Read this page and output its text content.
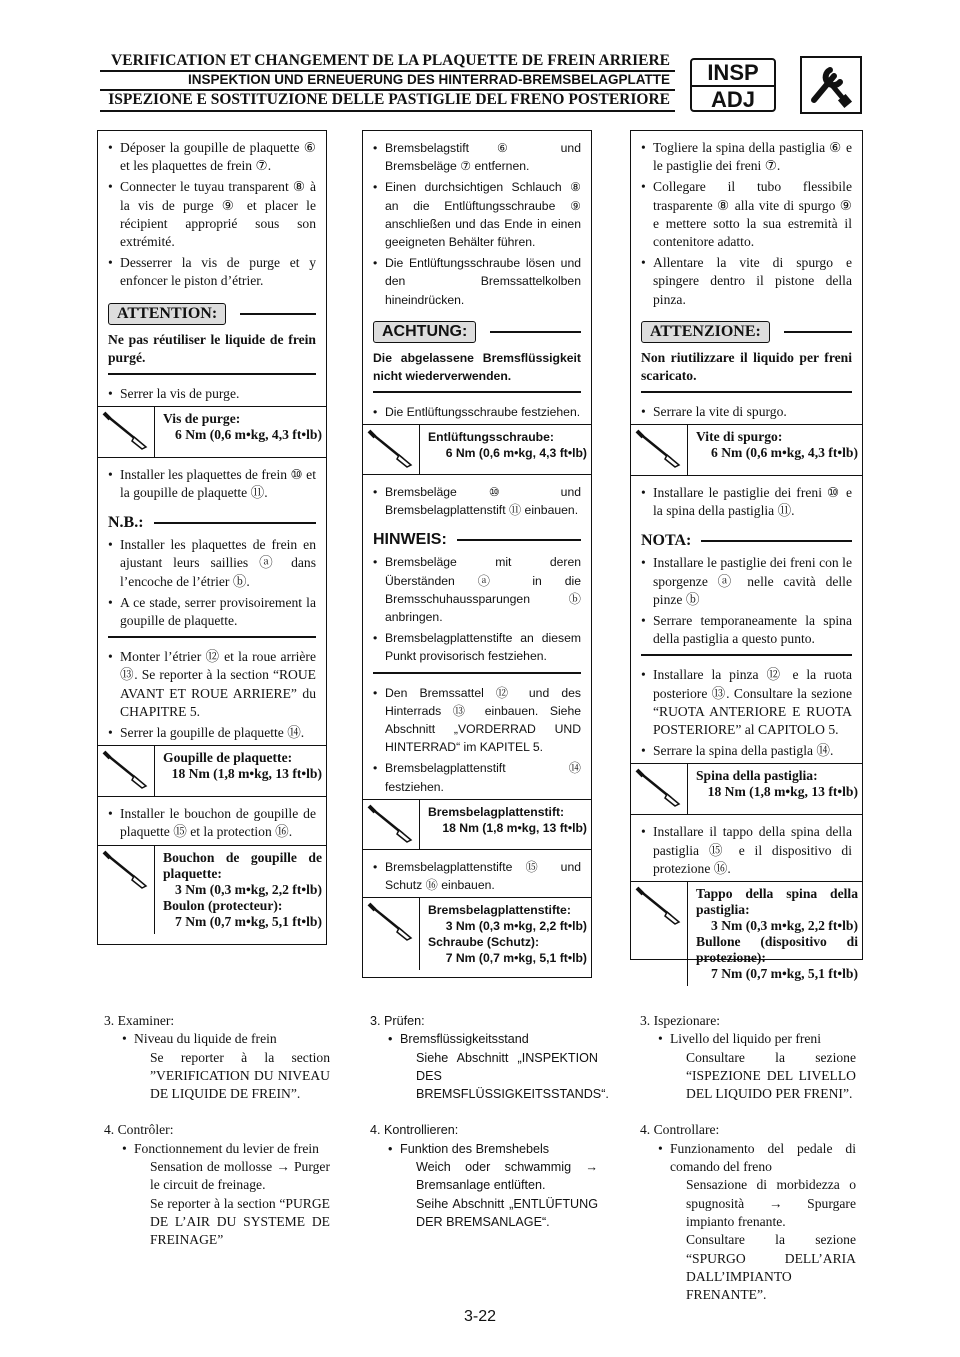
VERIFICATION ET CHANGEMENT DE LA PLAQUETTE DE FREIN ARRIERE
INSPEKTION UND ERNEUERUNG DES HINTERRAD-BREMSBELAGPLATTE
ISPEZIONE E SOSTITUZIONE DELLE PASTIGLIE DEL FRENO POSTERIORE
INSP
ADJ
• Déposer la goupille de plaquette ⑥ et les plaquettes de frein ⑦.
• Connecter le tuyau transparent ⑧ à la vis de purge ⑨ et placer le récipient approprié sous son extrémité.
• Desserrer la vis de purge et y enfoncer le piston d’étrier.
ATTENTION:
Ne pas réutiliser le liquide de frein purgé.
• Serrer la vis de purge.
Vis de purge:
6 Nm (0,6 m•kg, 4,3 ft•lb)
• Installer les plaquettes de frein ⑩ et la goupille de plaquette ⑪.
N.B.:
• Installer les plaquettes de frein en ajustant leurs saillies ⓐ dans l’encoche de l’étrier ⓑ.
• A ce stade, serrer provisoirement la goupille de plaquette.
• Monter l’étrier ⑫ et la roue arrière ⑬. Se reporter à la section “ROUE AVANT ET ROUE ARRIERE” du CHAPITRE 5.
• Serrer la goupille de plaquette ⑭.
Goupille de plaquette:
18 Nm (1,8 m•kg, 13 ft•lb)
• Installer le bouchon de goupille de plaquette ⑮ et la protection ⑯.
Bouchon de goupille de plaquette:
3 Nm (0,3 m•kg, 2,2 ft•lb)
Boulon (protecteur):
7 Nm (0,7 m•kg, 5,1 ft•lb)
• Bremsbelagstift ⑥ und Bremsbeläge ⑦ entfernen.
• Einen durchsichtigen Schlauch ⑧ an die Entlüftungsschraube ⑨ anschließen und das Ende in einen geeigneten Behälter führen.
• Die Entlüftungsschraube lösen und den Bremssattelkolben hineindrücken.
ACHTUNG:
Die abgelassene Bremsflüssigkeit nicht wiederverwenden.
• Die Entlüftungsschraube festziehen.
Entlüftungsschraube:
6 Nm (0,6 m•kg, 4,3 ft•lb)
• Bremsbeläge ⑩ und Bremsbelagplattenstift ⑪ einbauen.
HINWEIS:
• Bremsbeläge mit deren Überständen ⓐ in die Bremsschuhaussparungen ⓑ anbringen.
• Bremsbelagplattenstifte an diesem Punkt provisorisch festziehen.
• Den Bremssattel ⑫ und des Hinterrads ⑬ einbauen. Siehe Abschnitt „VORDERRAD UND HINTERRAD“ im KAPITEL 5.
• Bremsbelagplattenstift ⑭ festziehen.
Bremsbelagplattenstift:
18 Nm (1,8 m•kg, 13 ft•lb)
• Bremsbelagplattenstifte ⑮ und Schutz ⑯ einbauen.
Bremsbelagplattenstifte:
3 Nm (0,3 m•kg, 2,2 ft•lb)
Schraube (Schutz):
7 Nm (0,7 m•kg, 5,1 ft•lb)
• Togliere la spina della pastiglia ⑥ e le pastiglie dei freni ⑦.
• Collegare il tubo flessibile trasparente ⑧ alla vite di spurgo ⑨ e mettere sotto la sua estremità il contenitore adatto.
• Allentare la vite di spurgo e spingere dentro il pistone della pinza.
ATTENZIONE:
Non riutilizzare il liquido per freni scaricato.
• Serrare la vite di spurgo.
Vite di spurgo:
6 Nm (0,6 m•kg, 4,3 ft•lb)
• Installare le pastiglie dei freni ⑩ e la spina della pastiglia ⑪.
NOTA:
• Installare le pastiglie dei freni con le sporgenze ⓐ nelle cavità delle pinze ⓑ
• Serrare temporaneamente la spina della pastiglia a questo punto.
• Installare la pinza ⑫ e la ruota posteriore ⑬. Consultare la sezione “RUOTA ANTERIORE E RUOTA POSTERIORE” al CAPITOLO 5.
• Serrare la spina della pastigla ⑭.
Spina della pastiglia:
18 Nm (1,8 m•kg, 13 ft•lb)
• Installare il tappo della spina della pastiglia ⑮ e il dispositivo di protezione ⑯.
Tappo della spina della pastiglia:
3 Nm (0,3 m•kg, 2,2 ft•lb)
Bullone (dispositivo di protezione):
7 Nm (0,7 m•kg, 5,1 ft•lb)
3. Examiner:
• Niveau du liquide de frein
Se reporter à la section ”VERIFICATION DU NIVEAU DE LIQUIDE DE FREIN”.
4. Contrôler:
• Fonctionnement du levier de frein
Sensation de mollosse → Purger le circuit de freinage.
Se reporter à la section “PURGE DE L’AIR DU SYSTEME DE FREINAGE”
3. Prüfen:
• Bremsflüssigkeitsstand
Siehe Abschnitt „INSPEKTION DES BREMSFLÜSSIGKEITSSTANDS“.
4. Kontrollieren:
• Funktion des Bremshebels
Weich oder schwammig → Bremsanlage entlüften.
Seihe Abschnitt „ENTLÜFTUNG DER BREMSANLAGE“.
3. Ispezionare:
• Livello del liquido per freni
Consultare la sezione “ISPEZIONE DEL LIVELLO DEL LIQUIDO PER FRENI”.
4. Controllare:
• Funzionamento del pedale di comando del freno
Sensazione di morbidezza o spugnosità → Spurgare impianto frenante.
Consultare la sezione “SPURGO DELL’ARIA DALL’IMPIANTO FRENANTE”.
3-22
